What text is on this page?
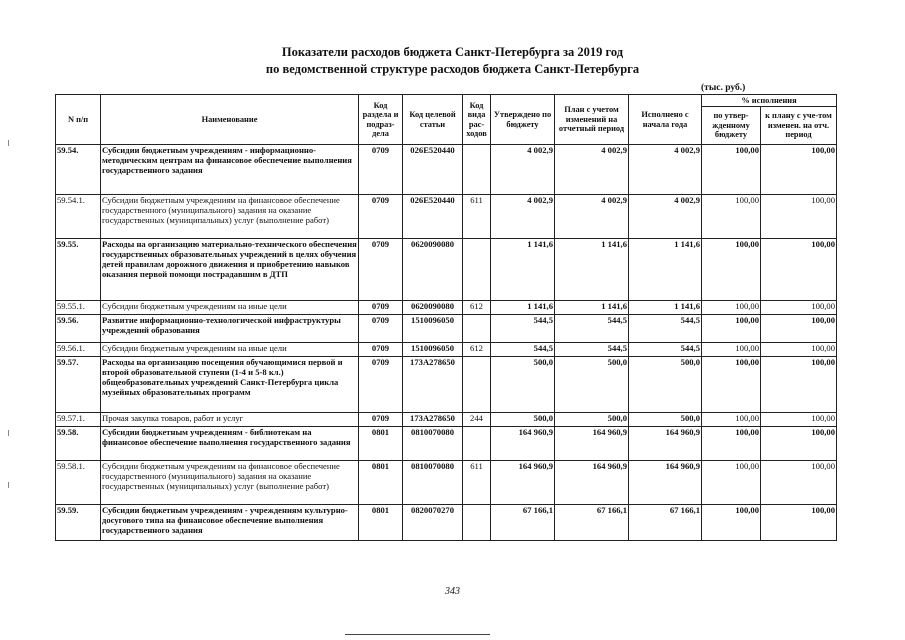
Показатели расходов бюджета Санкт-Петербурга за 2019 год
по ведомственной структуре расходов бюджета Санкт-Петербурга
(тыс. руб.)
N п/п	Наименование	Код раздела и подраз-дела	Код целевой статьи	Код вида рас-ходов	Утверждено по бюджету	План с учетом изменений на отчетный период	Исполнено с начала года	% исполнения	
								по утвер-жденному бюджету	к плану с уче-том изменен. на отч. период
59.54.	Субсидии бюджетным учреждениям - информационно-методическим центрам на финансовое обеспечение выполнения государственного задания	0709	026Е520440		4 002,9	4 002,9	4 002,9	100,00	100,00
59.54.1.	Субсидии бюджетным учреждениям на финансовое обеспечение государственного (муниципального) задания на оказание государственных (муниципальных) услуг (выполнение работ)	0709	026Е520440	611	4 002,9	4 002,9	4 002,9	100,00	100,00
59.55.	Расходы на организацию материально-технического обеспечения государственных образовательных учреждений в целях обучения детей правилам дорожного движения и приобретению навыков оказания первой помощи пострадавшим в ДТП	0709	0620090080		1 141,6	1 141,6	1 141,6	100,00	100,00
59.55.1.	Субсидии бюджетным учреждениям на иные цели	0709	0620090080	612	1 141,6	1 141,6	1 141,6	100,00	100,00
59.56.	Развитие информационно-технологической инфраструктуры учреждений образования	0709	1510096050		544,5	544,5	544,5	100,00	100,00
59.56.1.	Субсидии бюджетным учреждениям на иные цели	0709	1510096050	612	544,5	544,5	544,5	100,00	100,00
59.57.	Расходы на организацию посещения обучающимися первой и второй образовательной ступени (1-4 и 5-8 кл.) общеобразовательных учреждений Санкт-Петербурга цикла музейных образовательных программ	0709	173А278650		500,0	500,0	500,0	100,00	100,00
59.57.1.	Прочая закупка товаров, работ и услуг	0709	173А278650	244	500,0	500,0	500,0	100,00	100,00
59.58.	Субсидии бюджетным учреждениям - библиотекам на финансовое обеспечение выполнения государственного задания	0801	0810070080		164 960,9	164 960,9	164 960,9	100,00	100,00
59.58.1.	Субсидии бюджетным учреждениям на финансовое обеспечение государственного (муниципального) задания на оказание государственных (муниципальных) услуг (выполнение работ)	0801	0810070080	611	164 960,9	164 960,9	164 960,9	100,00	100,00
59.59.	Субсидии бюджетным учреждениям - учреждениям культурно-досугового типа на финансовое обеспечение выполнения государственного задания	0801	0820070270		67 166,1	67 166,1	67 166,1	100,00	100,00
343
